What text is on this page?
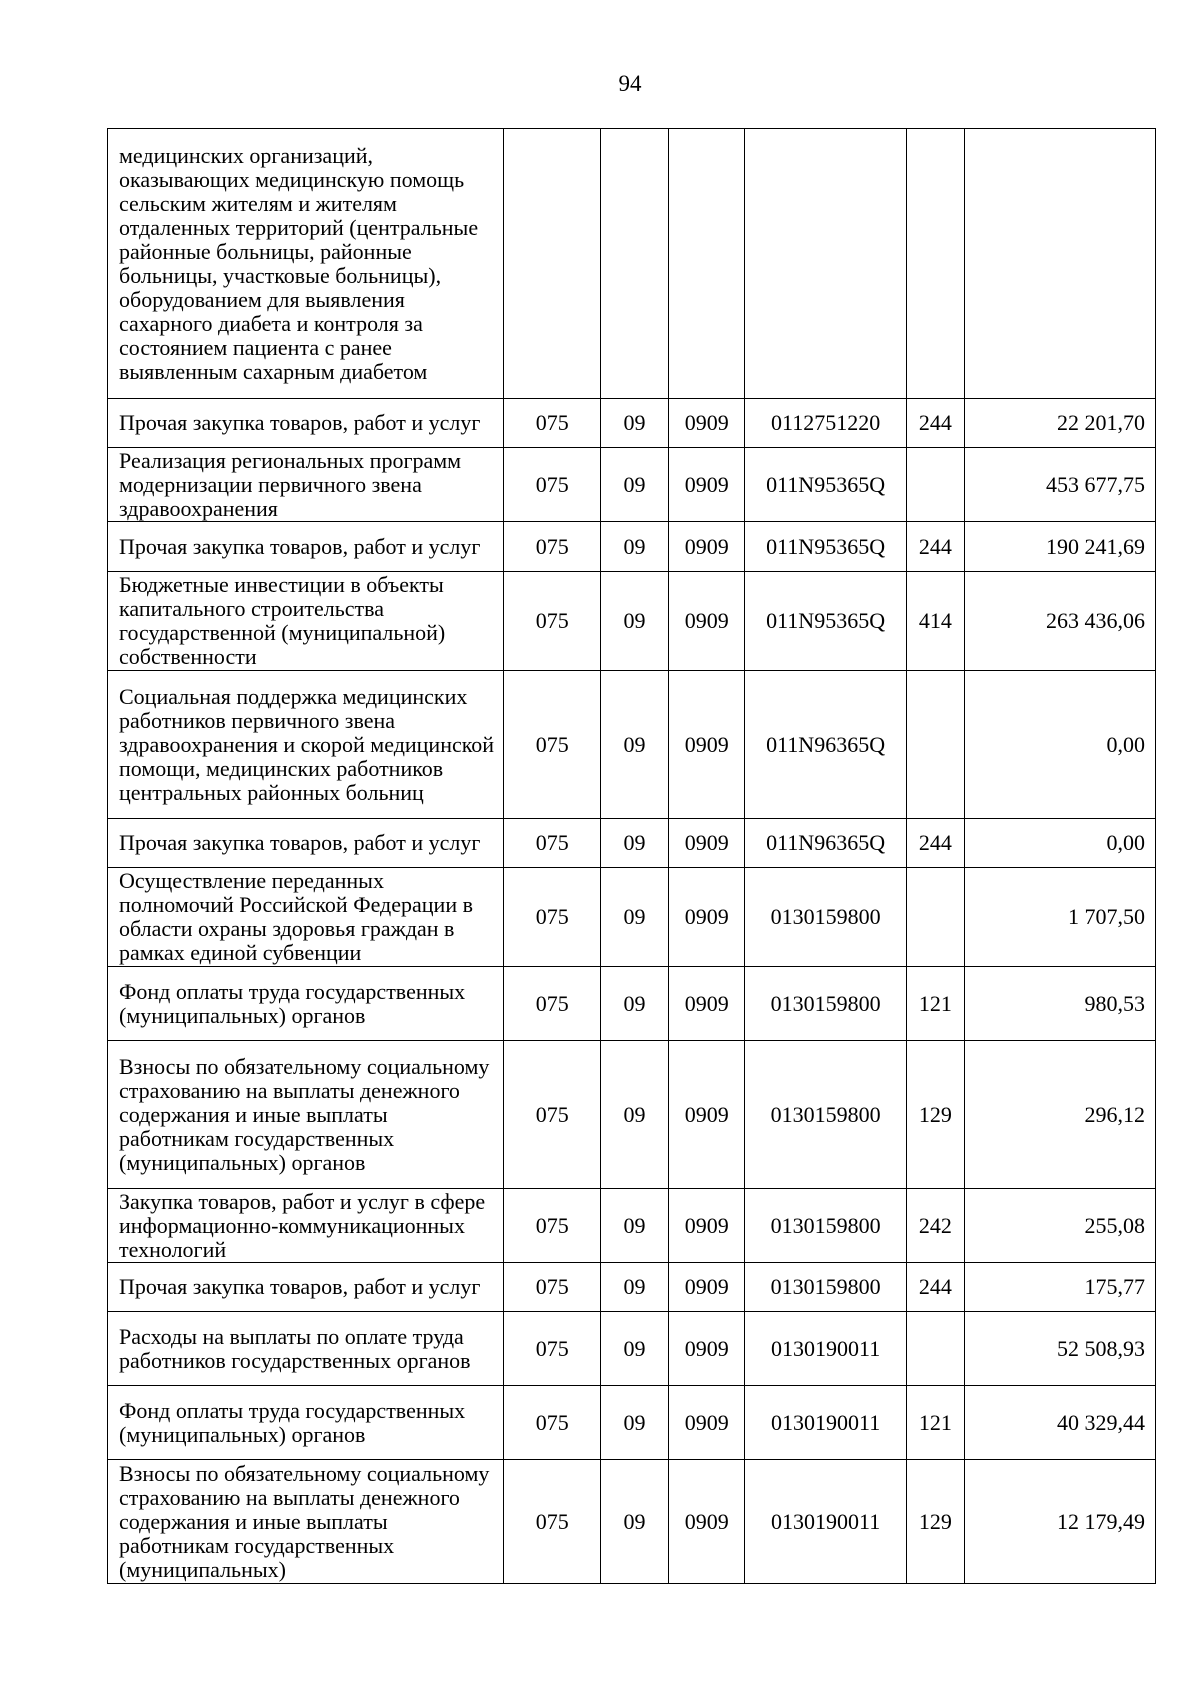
94
медицинских организаций, оказывающих медицинскую помощь сельским жителям и жителям отдаленных территорий (центральные районные больницы, районные больницы, участковые больницы), оборудованием для выявления сахарного диабета и контроля за состоянием пациента с ранее выявленным сахарным диабетом						
Прочая закупка товаров, работ и услуг	075	09	0909	0112751220	244	22 201,70
Реализация региональных программ модернизации первичного звена здравоохранения	075	09	0909	011N95365Q		453 677,75
Прочая закупка товаров, работ и услуг	075	09	0909	011N95365Q	244	190 241,69
Бюджетные инвестиции в объекты капитального строительства государственной (муниципальной) собственности	075	09	0909	011N95365Q	414	263 436,06
Социальная поддержка медицинских работников первичного звена здравоохранения и скорой медицинской помощи, медицинских работников центральных районных больниц	075	09	0909	011N96365Q		0,00
Прочая закупка товаров, работ и услуг	075	09	0909	011N96365Q	244	0,00
Осуществление переданных полномочий Российской Федерации в области охраны здоровья граждан в рамках единой субвенции	075	09	0909	0130159800		1 707,50
Фонд оплаты труда государственных (муниципальных) органов	075	09	0909	0130159800	121	980,53
Взносы по обязательному социальному страхованию на выплаты денежного содержания и иные выплаты работникам государственных (муниципальных) органов	075	09	0909	0130159800	129	296,12
Закупка товаров, работ и услуг в сфере информационно-коммуникационных технологий	075	09	0909	0130159800	242	255,08
Прочая закупка товаров, работ и услуг	075	09	0909	0130159800	244	175,77
Расходы на выплаты по оплате труда работников государственных органов	075	09	0909	0130190011		52 508,93
Фонд оплаты труда государственных (муниципальных) органов	075	09	0909	0130190011	121	40 329,44
Взносы по обязательному социальному страхованию на выплаты денежного содержания и иные выплаты работникам государственных (муниципальных)	075	09	0909	0130190011	129	12 179,49
